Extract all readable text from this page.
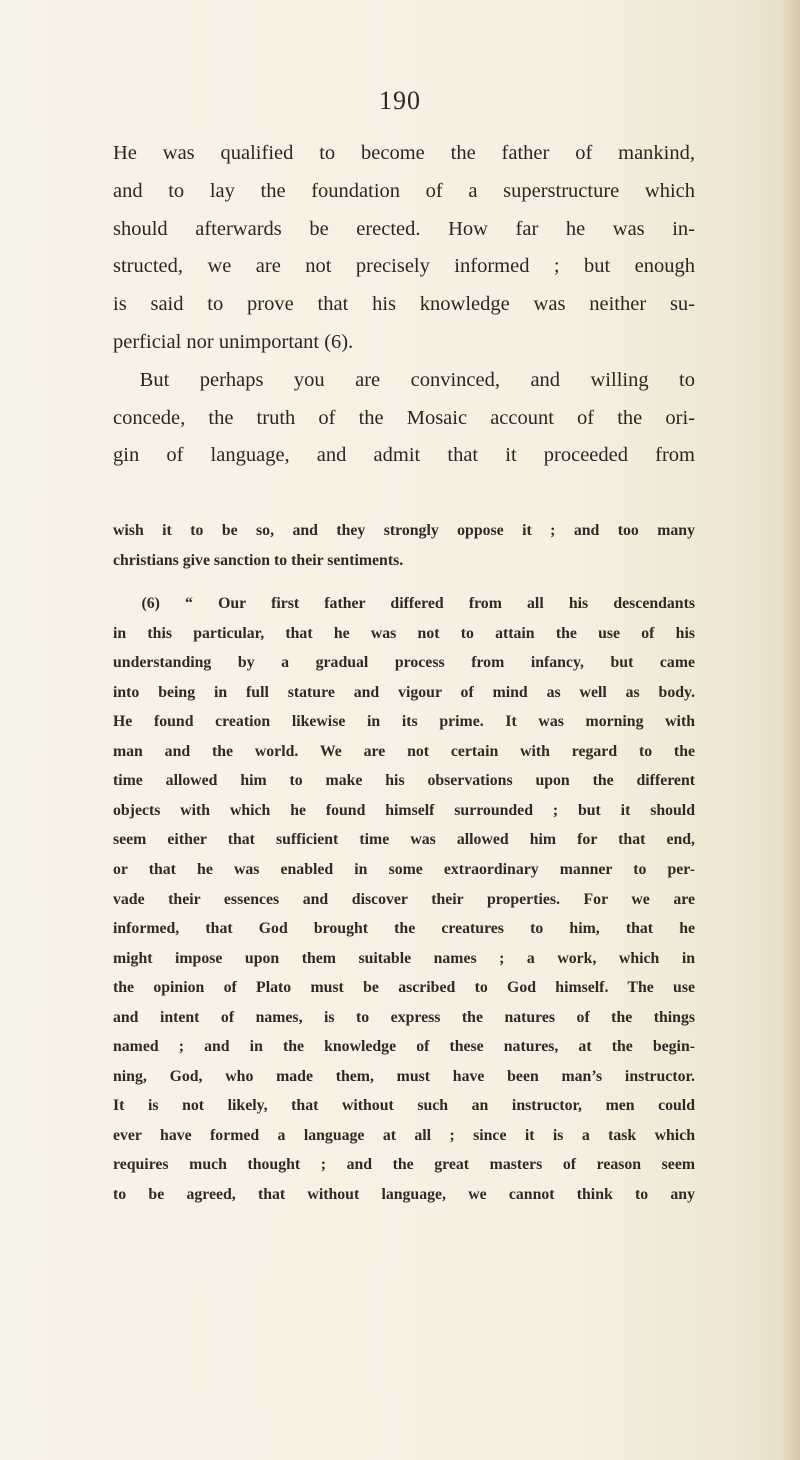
190
He was qualified to become the father of mankind,
and to lay the foundation of a superstructure which
should afterwards be erected. How far he was in-
structed, we are not precisely informed ; but enough
is said to prove that his knowledge was neither su-
perficial nor unimportant (6).
But perhaps you are convinced, and willing to
concede, the truth of the Mosaic account of the ori-
gin of language, and admit that it proceeded from
wish it to be so, and they strongly oppose it ; and too many
christians give sanction to their sentiments.
(6) “ Our first father differed from all his descendants
in this particular, that he was not to attain the use of his
understanding by a gradual process from infancy, but came
into being in full stature and vigour of mind as well as body.
He found creation likewise in its prime. It was morning with
man and the world. We are not certain with regard to the
time allowed him to make his observations upon the different
objects with which he found himself surrounded ; but it should
seem either that sufficient time was allowed him for that end,
or that he was enabled in some extraordinary manner to per-
vade their essences and discover their properties. For we are
informed, that God brought the creatures to him, that he
might impose upon them suitable names ; a work, which in
the opinion of Plato must be ascribed to God himself. The use
and intent of names, is to express the natures of the things
named ; and in the knowledge of these natures, at the begin-
ning, God, who made them, must have been man’s instructor.
It is not likely, that without such an instructor, men could
ever have formed a language at all ; since it is a task which
requires much thought ; and the great masters of reason seem
to be agreed, that without language, we cannot think to any
